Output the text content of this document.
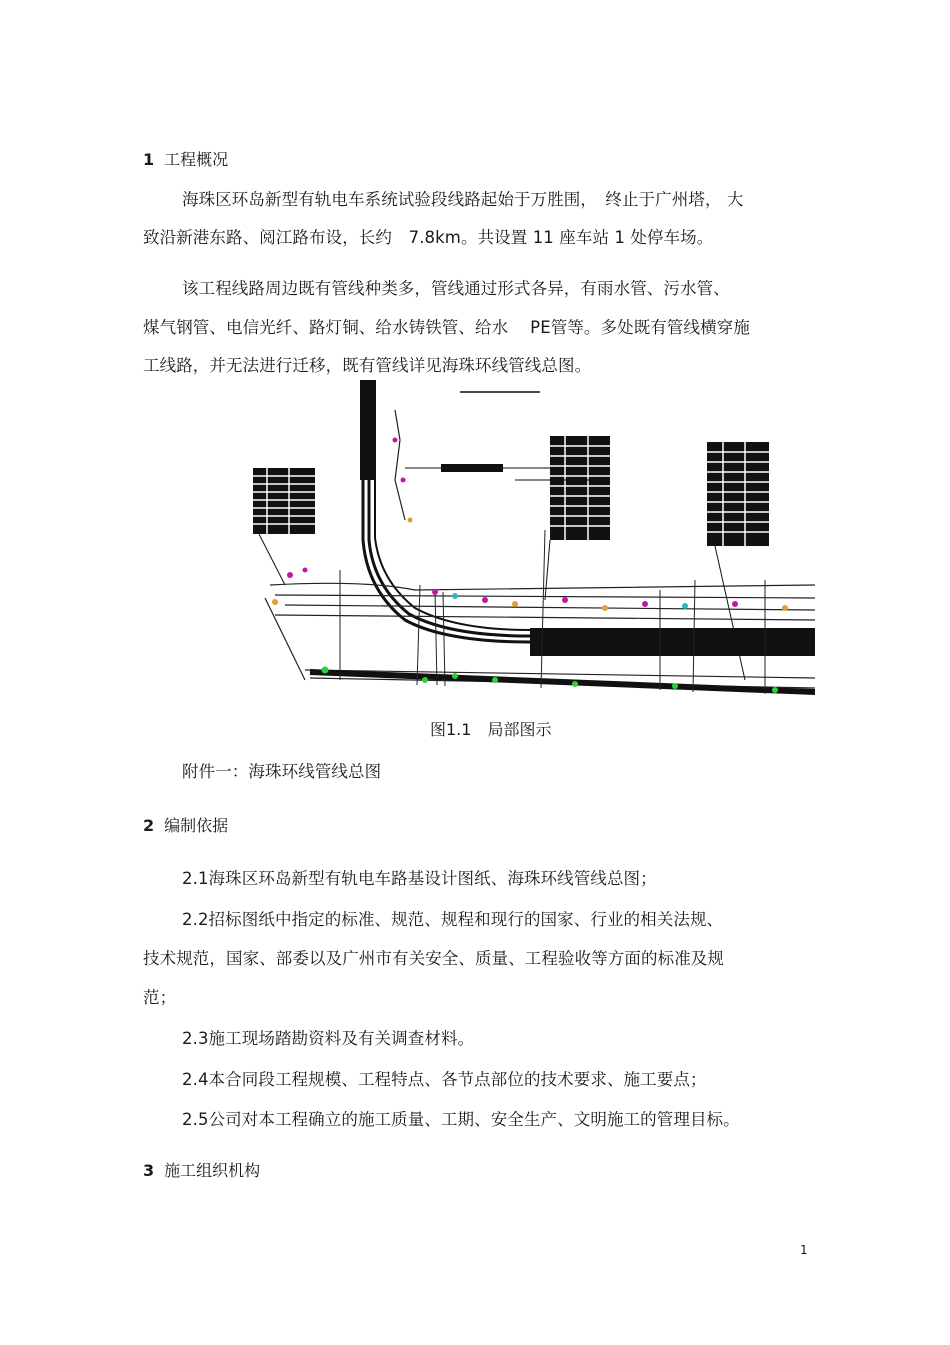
1 工程概况
海珠区环岛新型有轨电车系统试验段线路起始于万胜围，　终止于广州塔， 大
致沿新港东路、阅江路布设，长约　7.8km。共设置 11 座车站 1 处停车场。
该工程线路周边既有管线种类多，管线通过形式各异，有雨水管、污水管、
煤气钢管、电信光纤、路灯铜、给水铸铁管、给水　 PE管等。多处既有管线横穿施
工线路，并无法进行迁移，既有管线详见海珠环线管线总图。
图1.1　局部图示
附件一：海珠环线管线总图
2 编制依据
2.1海珠区环岛新型有轨电车路基设计图纸、海珠环线管线总图；
2.2招标图纸中指定的标准、规范、规程和现行的国家、行业的相关法规、
技术规范，国家、部委以及广州市有关安全、质量、工程验收等方面的标准及规
范；
2.3施工现场踏勘资料及有关调查材料。
2.4本合同段工程规模、工程特点、各节点部位的技术要求、施工要点；
2.5公司对本工程确立的施工质量、工期、安全生产、文明施工的管理目标。
3 施工组织机构
1
